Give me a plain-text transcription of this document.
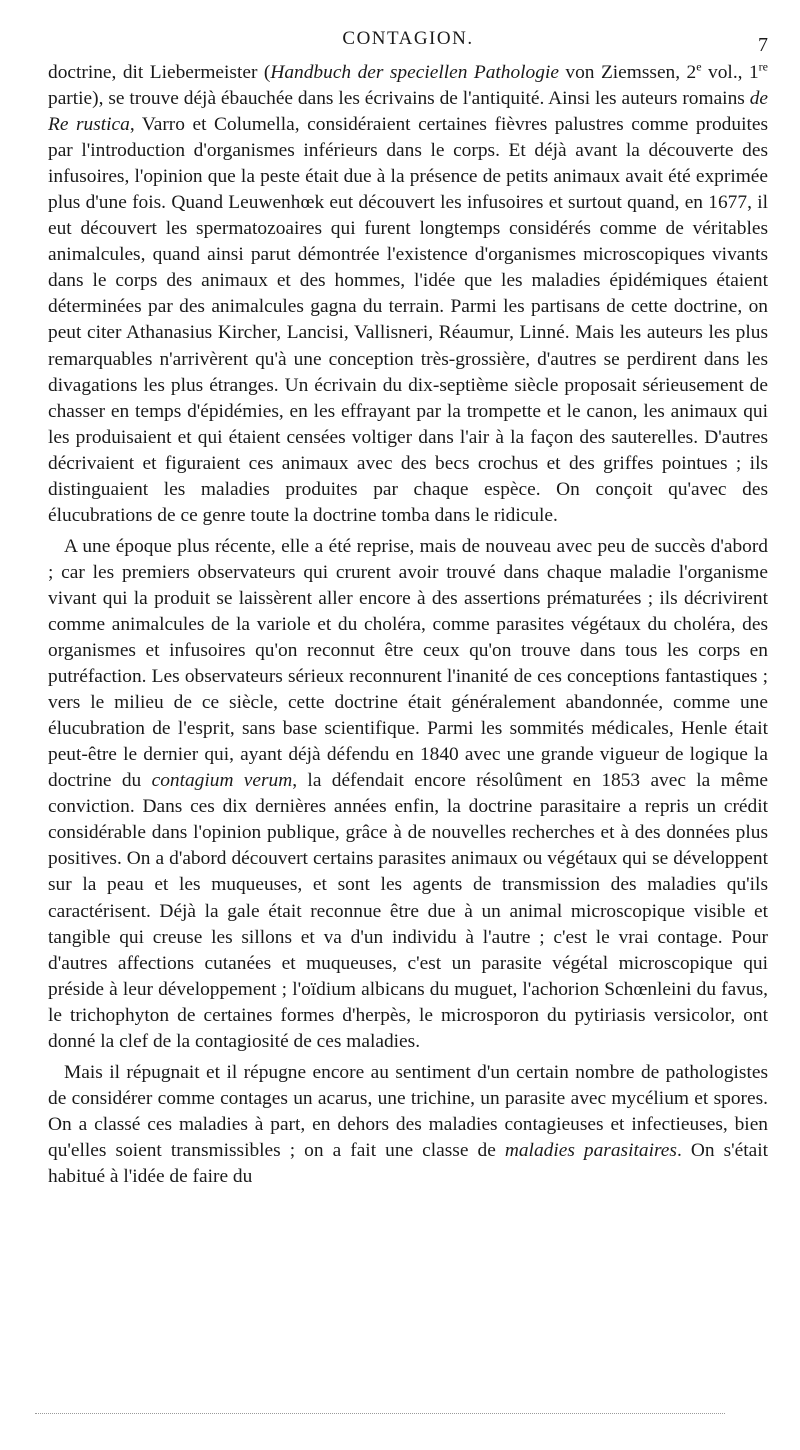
CONTAGION.	7

doctrine, dit Liebermeister (Handbuch der speciellen Pathologie von Ziemssen, 2e vol., 1re partie), se trouve déjà ébauchée dans les écrivains de l'antiquité. Ainsi les auteurs romains de Re rustica, Varro et Columella, considéraient certaines fièvres palustres comme produites par l'introduction d'organismes inférieurs dans le corps. Et déjà avant la découverte des infusoires, l'opinion que la peste était due à la présence de petits animaux avait été exprimée plus d'une fois. Quand Leuwenhœk eut découvert les infusoires et surtout quand, en 1677, il eut découvert les spermatozoaires qui furent longtemps considérés comme de véritables animalcules, quand ainsi parut démontrée l'existence d'organismes microscopiques vivants dans le corps des animaux et des hommes, l'idée que les maladies épidémiques étaient déterminées par des animalcules gagna du terrain. Parmi les partisans de cette doctrine, on peut citer Athanasius Kircher, Lancisi, Vallisneri, Réaumur, Linné. Mais les auteurs les plus remarquables n'arrivèrent qu'à une conception très-grossière, d'autres se perdirent dans les divagations les plus étranges. Un écrivain du dix-septième siècle proposait sérieusement de chasser en temps d'épidémies, en les effrayant par la trompette et le canon, les animaux qui les produisaient et qui étaient censées voltiger dans l'air à la façon des sauterelles. D'autres décrivaient et figuraient ces animaux avec des becs crochus et des griffes pointues ; ils distinguaient les maladies produites par chaque espèce. On conçoit qu'avec des élucubrations de ce genre toute la doctrine tomba dans le ridicule.

A une époque plus récente, elle a été reprise, mais de nouveau avec peu de succès d'abord ; car les premiers observateurs qui crurent avoir trouvé dans chaque maladie l'organisme vivant qui la produit se laissèrent aller encore à des assertions prématurées ; ils décrivirent comme animalcules de la variole et du choléra, comme parasites végétaux du choléra, des organismes et infusoires qu'on reconnut être ceux qu'on trouve dans tous les corps en putréfaction. Les observateurs sérieux reconnurent l'inanité de ces conceptions fantastiques ; vers le milieu de ce siècle, cette doctrine était généralement abandonnée, comme une élucubration de l'esprit, sans base scientifique. Parmi les sommités médicales, Henle était peut-être le dernier qui, ayant déjà défendu en 1840 avec une grande vigueur de logique la doctrine du contagium verum, la défendait encore résolûment en 1853 avec la même conviction. Dans ces dix dernières années enfin, la doctrine parasitaire a repris un crédit considérable dans l'opinion publique, grâce à de nouvelles recherches et à des données plus positives. On a d'abord découvert certains parasites animaux ou végétaux qui se développent sur la peau et les muqueuses, et sont les agents de transmission des maladies qu'ils caractérisent. Déjà la gale était reconnue être due à un animal microscopique visible et tangible qui creuse les sillons et va d'un individu à l'autre ; c'est le vrai contage. Pour d'autres affections cutanées et muqueuses, c'est un parasite végétal microscopique qui préside à leur développement ; l'oïdium albicans du muguet, l'achorion Schœnleini du favus, le trichophyton de certaines formes d'herpès, le microsporon du pytiriasis versicolor, ont donné la clef de la contagiosité de ces maladies.

Mais il répugnait et il répugne encore au sentiment d'un certain nombre de pathologistes de considérer comme contages un acarus, une trichine, un parasite avec mycélium et spores. On a classé ces maladies à part, en dehors des maladies contagieuses et infectieuses, bien qu'elles soient transmissibles ; on a fait une classe de maladies parasitaires. On s'était habitué à l'idée de faire du
